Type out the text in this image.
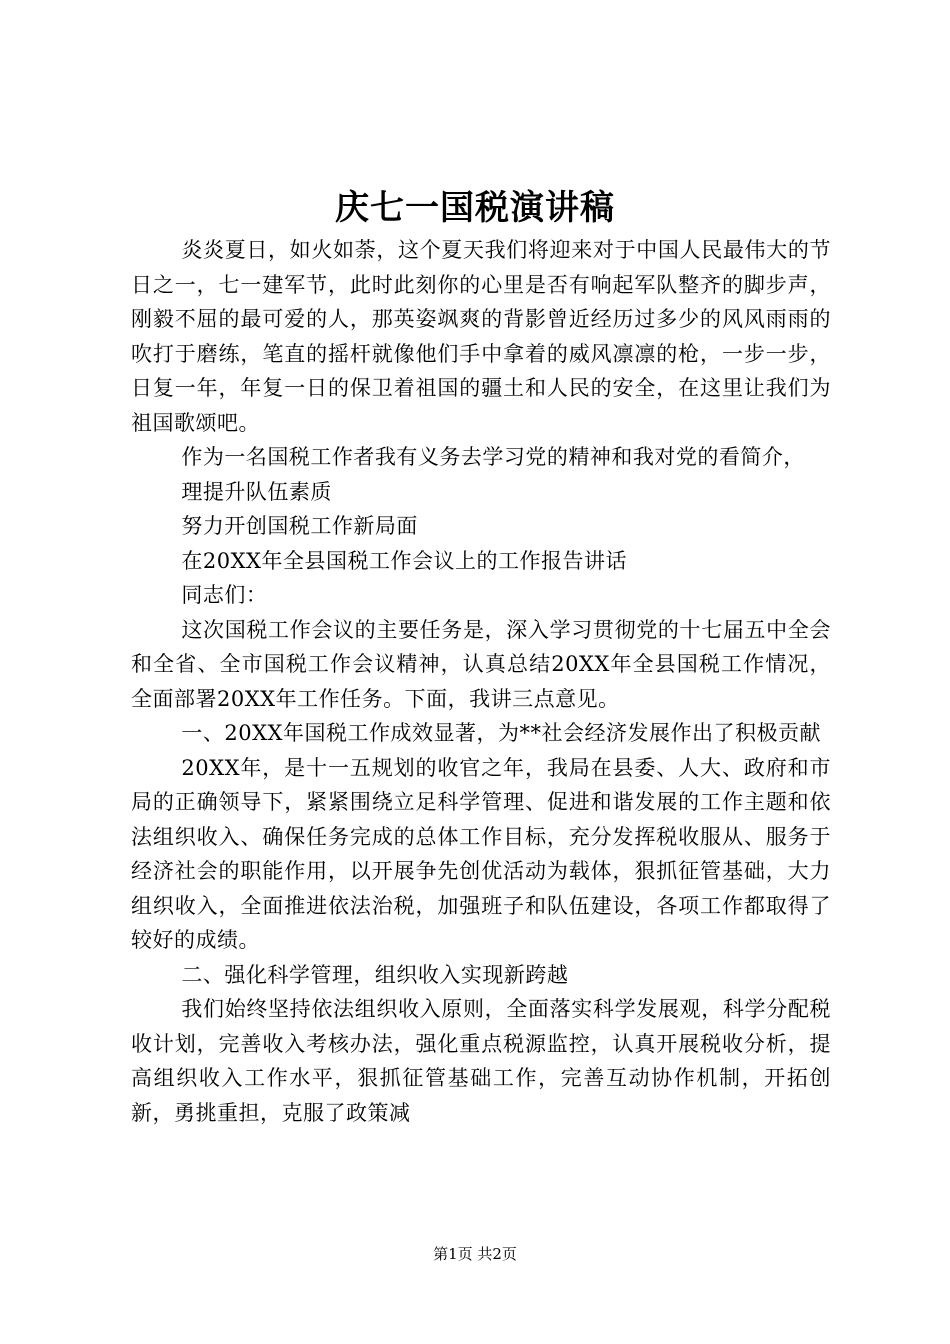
庆七一国税演讲稿

炎炎夏日，如火如荼，这个夏天我们将迎来对于中国人民最伟大的节日之一，七一建军节，此时此刻你的心里是否有响起军队整齐的脚步声，刚毅不屈的最可爱的人，那英姿飒爽的背影曾近经历过多少的风风雨雨的吹打于磨练，笔直的摇杆就像他们手中拿着的威风凛凛的枪，一步一步，日复一年，年复一日的保卫着祖国的疆土和人民的安全，在这里让我们为祖国歌颂吧。

作为一名国税工作者我有义务去学习党的精神和我对党的看简介，

理提升队伍素质

努力开创国税工作新局面

在20XX年全县国税工作会议上的工作报告讲话

同志们：

这次国税工作会议的主要任务是，深入学习贯彻党的十七届五中全会和全省、全市国税工作会议精神，认真总结20XX年全县国税工作情况，全面部署20XX年工作任务。下面，我讲三点意见。

一、20XX年国税工作成效显著，为**社会经济发展作出了积极贡献

20XX年，是十一五规划的收官之年，我局在县委、人大、政府和市局的正确领导下，紧紧围绕立足科学管理、促进和谐发展的工作主题和依法组织收入、确保任务完成的总体工作目标，充分发挥税收服从、服务于经济社会的职能作用，以开展争先创优活动为载体，狠抓征管基础，大力组织收入，全面推进依法治税，加强班子和队伍建设，各项工作都取得了较好的成绩。

二、强化科学管理，组织收入实现新跨越

我们始终坚持依法组织收入原则，全面落实科学发展观，科学分配税收计划，完善收入考核办法，强化重点税源监控，认真开展税收分析，提高组织收入工作水平，狠抓征管基础工作，完善互动协作机制，开拓创新，勇挑重担，克服了政策减

第1页 共2页
